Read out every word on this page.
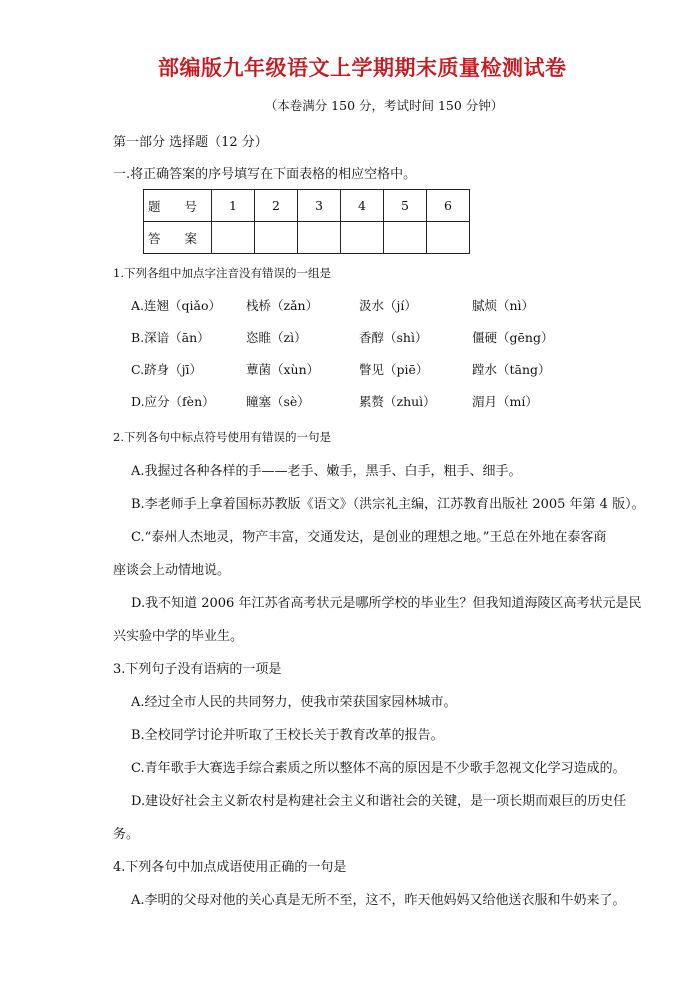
部编版九年级语文上学期期末质量检测试卷
（本卷满分 150 分，考试时间 150 分钟）
第一部分 选择题（12 分）
一.将正确答案的序号填写在下面表格的相应空格中。
题 号	1	2	3	4	5	6
答 案						
1.下列各组中加点字注音没有错误的一组是
A.连翘（qiǎo） 栈桥（zǎn）	汲水（jí）	腻烦（nì）
B.深谙（ān）	恣睢（zì）	香醇（shì）	僵硬（gēng）
C.跻身（jī）	蕈菌（xùn）	瞥见（piē）	蹚水（tāng）
D.应分（fèn）	瞳塞（sè）	累赘（zhuì）	湄月（mí）
2.下列各句中标点符号使用有错误的一句是
A.我握过各种各样的手——老手、嫩手，黑手、白手，粗手、细手。
B.李老师手上拿着国标苏教版《语文》（洪宗礼主编，江苏教育出版社 2005 年第 4 版）。
C.“泰州人杰地灵，物产丰富，交通发达，是创业的理想之地。”王总在外地在泰客商
座谈会上动情地说。
D.我不知道 2006 年江苏省高考状元是哪所学校的毕业生？但我知道海陵区高考状元是民
兴实验中学的毕业生。
3.下列句子没有语病的一项是
A.经过全市人民的共同努力，使我市荣获国家园林城市。
B.全校同学讨论并听取了王校长关于教育改革的报告。
C.青年歌手大赛选手综合素质之所以整体不高的原因是不少歌手忽视文化学习造成的。
D.建设好社会主义新农村是构建社会主义和谐社会的关键，是一项长期而艰巨的历史任
务。
4.下列各句中加点成语使用正确的一句是
A.李明的父母对他的关心真是无所不至，这不，昨天他妈妈又给他送衣服和牛奶来了。
